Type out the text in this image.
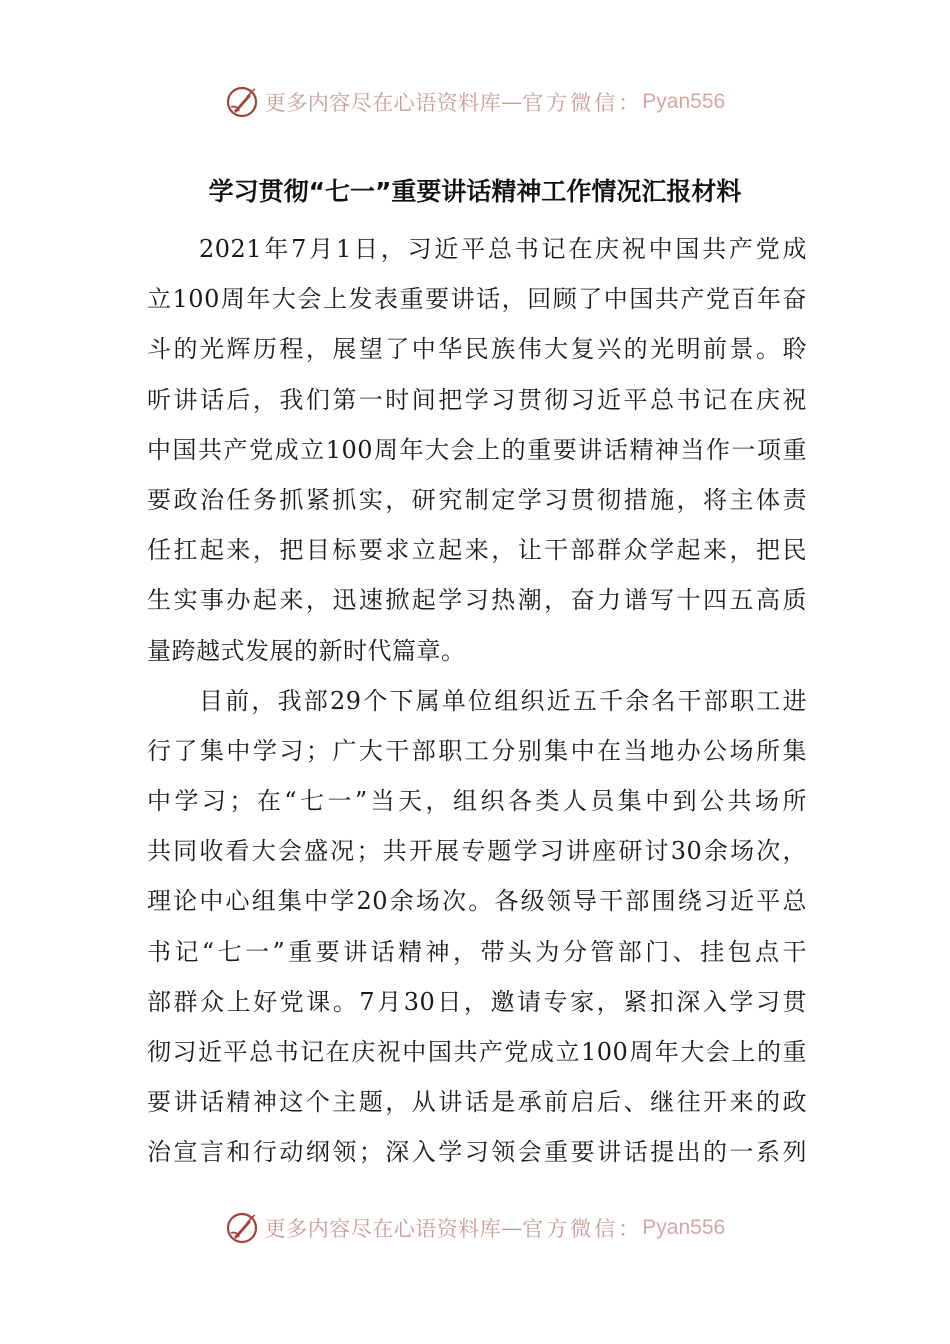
更多内容尽在心语资料库 — 官方微信： Pyan556
学习贯彻“七一”重要讲话精神工作情况汇报材料
2021年7月1日，习近平总书记在庆祝中国共产党成
立100周年大会上发表重要讲话，回顾了中国共产党百年奋
斗的光辉历程，展望了中华民族伟大复兴的光明前景。聆
听讲话后，我们第一时间把学习贯彻习近平总书记在庆祝
中国共产党成立100周年大会上的重要讲话精神当作一项重
要政治任务抓紧抓实，研究制定学习贯彻措施，将主体责
任扛起来，把目标要求立起来，让干部群众学起来，把民
生实事办起来，迅速掀起学习热潮，奋力谱写十四五高质
量跨越式发展的新时代篇章。
目前，我部29个下属单位组织近五千余名干部职工进
行了集中学习；广大干部职工分别集中在当地办公场所集
中学习；在“七一”当天，组织各类人员集中到公共场所
共同收看大会盛况；共开展专题学习讲座研讨30余场次，
理论中心组集中学20余场次。各级领导干部围绕习近平总
书记“七一”重要讲话精神，带头为分管部门、挂包点干
部群众上好党课。7月30日，邀请专家，紧扣深入学习贯
彻习近平总书记在庆祝中国共产党成立100周年大会上的重
要讲话精神这个主题，从讲话是承前启后、继往开来的政
治宣言和行动纲领；深入学习领会重要讲话提出的一系列
更多内容尽在心语资料库 — 官方微信： Pyan556
